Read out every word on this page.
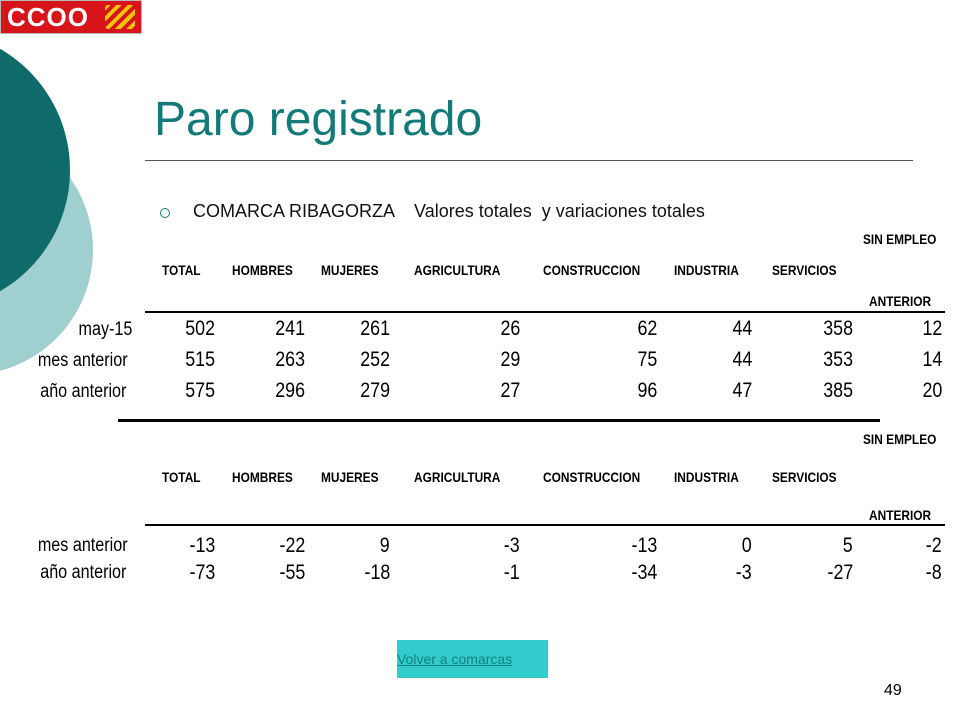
CCOO
Paro registrado
COMARCA RIBAGORZA    Valores totales  y variaciones totales
SIN EMPLEO
TOTAL HOMBRES MUJERES	AGRICULTURA	CONSTRUCCION INDUSTRIA SERVICIOS
ANTERIOR
may-15	502	241	261	26	62	44	358	12
mes anterior	515	263	252	29	75	44	353	14
año anterior	575	296	279	27	96	47	385	20
SIN EMPLEO
TOTAL HOMBRES MUJERES	AGRICULTURA	CONSTRUCCION INDUSTRIA SERVICIOS
ANTERIOR
mes anterior	-13	-22	9	-3	-13	0	5	-2
año anterior	-73	-55	-18	-1	-34	-3	-27	-8
Volver a comarcas
49
